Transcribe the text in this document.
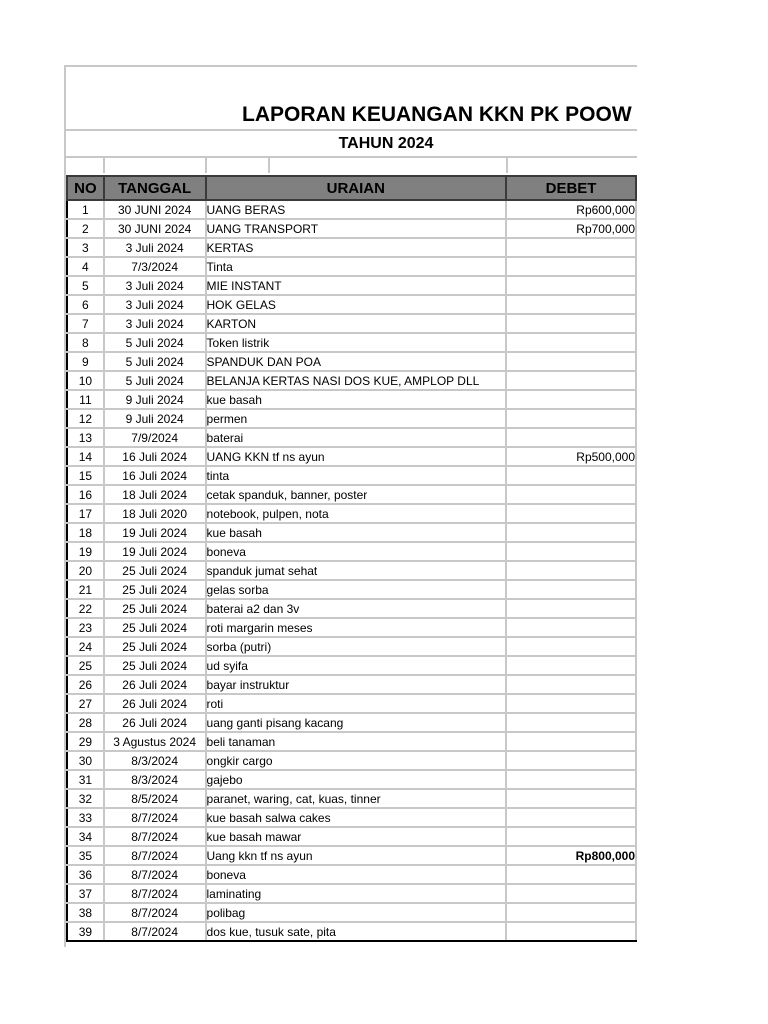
LAPORAN KEUANGAN KKN PK POOW
TAHUN 2024
NO	TANGGAL	URAIAN	DEBET
1	30 JUNI 2024	UANG BERAS	Rp600,000
2	30 JUNI 2024	UANG TRANSPORT	Rp700,000
3	3 Juli 2024	KERTAS	
4	7/3/2024	Tinta	
5	3 Juli 2024	MIE INSTANT	
6	3 Juli 2024	HOK GELAS	
7	3 Juli 2024	KARTON	
8	5 Juli 2024	Token listrik	
9	5 Juli 2024	SPANDUK DAN POA	
10	5 Juli 2024	BELANJA KERTAS NASI DOS KUE, AMPLOP DLL	
11	9 Juli 2024	kue basah	
12	9 Juli 2024	permen	
13	7/9/2024	baterai	
14	16 Juli 2024	UANG KKN tf ns ayun	Rp500,000
15	16 Juli 2024	tinta	
16	18 Juli 2024	cetak spanduk, banner, poster	
17	18 Juli 2020	notebook, pulpen, nota	
18	19 Juli 2024	kue basah	
19	19 Juli 2024	boneva	
20	25 Juli 2024	spanduk jumat sehat	
21	25 Juli 2024	gelas sorba	
22	25 Juli 2024	baterai a2 dan 3v	
23	25 Juli 2024	roti margarin meses	
24	25 Juli 2024	sorba (putri)	
25	25 Juli 2024	ud syifa	
26	26 Juli 2024	bayar instruktur	
27	26 Juli 2024	roti	
28	26 Juli 2024	uang ganti pisang kacang	
29	3 Agustus 2024	beli tanaman	
30	8/3/2024	ongkir cargo	
31	8/3/2024	gajebo	
32	8/5/2024	paranet, waring, cat, kuas, tinner	
33	8/7/2024	kue basah salwa cakes	
34	8/7/2024	kue basah mawar	
35	8/7/2024	Uang kkn tf ns ayun	Rp800,000
36	8/7/2024	boneva	
37	8/7/2024	laminating	
38	8/7/2024	polibag	
39	8/7/2024	dos kue, tusuk sate, pita	
